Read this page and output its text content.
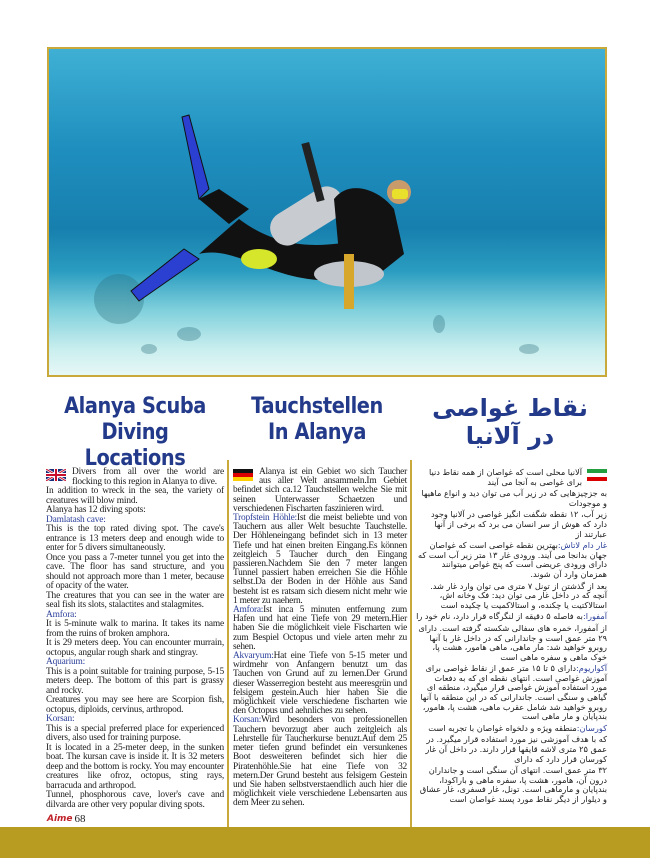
Alanya Scuba
Diving Locations
Tauchstellen
In Alanya
نقاط غواصی
در آلانیا

Divers from all over the world are flocking to this region in Alanya to dive.

In addition to wreck in the sea, the variety of creatures will blow mind.

Alanya has 12 diving spots:

Damlatash cave:

This is the top rated diving spot. The cave's entrance is 13 meters deep and enough wide to enter for 5 divers simultaneously.

Once you pass a 7-meter tunnel you get into the cave. The floor has sand structure, and you should not approach more than 1 meter, because of opacity of the water.

The creatures that you can see in the water are seal fish its slots, stalactites and stalagmites.

Amfora:

It is 5-minute walk to marina. It takes its name from the ruins of broken amphora.

It is 29 meters deep. You can encounter murrain, octopus, angular rough shark and stingray.

Aquarium:

This is a point suitable for training purpose, 5-15 meters deep. The bottom of this part is grassy and rocky.

Creatures you may see here are Scorpion fish, octopus, diploids, cervinus, arthropod.

Korsan:

This is a special preferred place for experienced divers, also used for training purpose.

It is located in a 25-meter deep, in the sunken boat. The kursan cave is inside it. It is 32 meters deep and the bottom is rocky. You may encounter creatures like ofroz, octopus, sting rays, barracuda and arthropod.

Tunnel, phosphorous cave, lover's cave and dilvarda are other very popular diving spots.

Alanya ist ein Gebiet wo sich Taucher aus aller Welt ansammeln.Im Gebiet befindet sich ca.12 Tauchstellen welche Sie mit seinen Unterwasser Schaetzen und verschiedenen Fischarten faszinieren wird.

Tropfstein Höhle:Ist die meist beliebte und von Tauchern aus aller Welt besuchte Tauchstelle. Der Höhleneingang befindet sich in 13 meter Tiefe und hat einen breiten Eingang.Es können zeitgleich 5 Taucher durch den Eingang passieren.Nachdem Sie den 7 meter langen Tunnel passiert haben erreichen Sie die Höhle selbst.Da der Boden in der Höhle aus Sand besteht ist es ratsam sich diesem nicht mehr wie 1 meter zu naehern.

Amfora:Ist inca 5 minuten entfernung zum Hafen und hat eine Tiefe von 29 metern.Hier haben Sie die möglichkeit viele Fischarten wie zum Bespiel Octopus und viele arten mehr zu sehen.

Akvaryum:Hat eine Tiefe von 5-15 meter und wirdmehr von Anfangern benutzt um das Tauchen von Grund auf zu lernen.Der Grund dieser Wasserregion besteht aus meeresgrün und felsigem gestein.Auch hier haben Sie die möglichkeit viele verschiedene fischarten wie den Octopus und aehnliches zu sehen.

Korsan:Wird besonders von professionellen Tauchern bevorzugt aber auch zeitgleich als Lehrstelle für Taucherkurse benuzt.Auf dem 25 meter tiefen grund befindet ein versunkenes Boot desweiteren befindet sich hier die Piratenhöhle.Sie hat eine Tiefe von 32 metern.Der Grund besteht aus felsigem Gestein und Sie haben selbstverstaendlich auch hier die möglichkeit viele verschiedene Lebensarten aus dem Meer zu sehen.

آلانیا محلی است که غواصان از همه نقاط دنیا برای غواصی به آنجا می آیند

به جزچیزهایی که در زیر آب می توان دید و انواع ماهیها و موجودات

زیر آب، ۱۲ نقطه شگفت انگیز غواصی در آلانیا وجود دارد که هوش از سر انسان می برد که برخی از آنها عبارتند از

غار دام لاتاش:بهترین نقطه غواصی است که غواصان جهان بدانجا می آیند. ورودی غار ۱۳ متر زیر آب است که دارای ورودی عریضی است که پنج غواص میتوانند همزمان وارد آن شوند.

بعد از گذشتن از تونل ۷ متری می توان وارد غار شد. آنچه که در داخل غار می توان دید: فک وخانه اش، استالاکتیت یا چکنده، و استالاکمیت یا چکیده است

آمفورا:به فاصله ۵ دقیقه از لنگرگاه قرار دارد، نام خود را

از آمفورا، خمره های سفالی شکسته گرفته است. دارای ۲۹ متر عمق است و جاندارانی که در داخل غار با آنها روبرو خواهید شد: مار ماهی، ماهی هامور، هشت پا، خوک ماهی و سفره ماهی است

آکواریوم:دارای ۵ تا ۱۵ متر عمق از نقاط غواصی برای آموزش غواصی است. انتهای نقطه ای که به دفعات مورد استفاده آموزش غواصی قرار میگیرد، منطقه ای گیاهی و سنگی است. جاندارانی که در این منطقه با آنها روبرو خواهید شد شامل عقرب ماهی، هشت پا، هامور، بندپایان و مار ماهی است

کورسان:منطقه ویژه و دلخواه غواصان با تجربه است

که با هدف آموزشی نیز مورد استفاده قرار میگیرد. در عمق ۲۵ متری لاشه قایقها قرار دارند. در داخل آن غار کورسان قرار دارد که دارای

۳۲ متر عمق است. انتهای آن سنگی است و جانداران درون آن، هامور، هشت پا، سفره ماهی و باراکودا، بندپایان و مارماهی است. تونل، غار فسفری، غار عشاق و دیلوار از دیگر نقاط مورد پسند غواصان است

Aime 68
